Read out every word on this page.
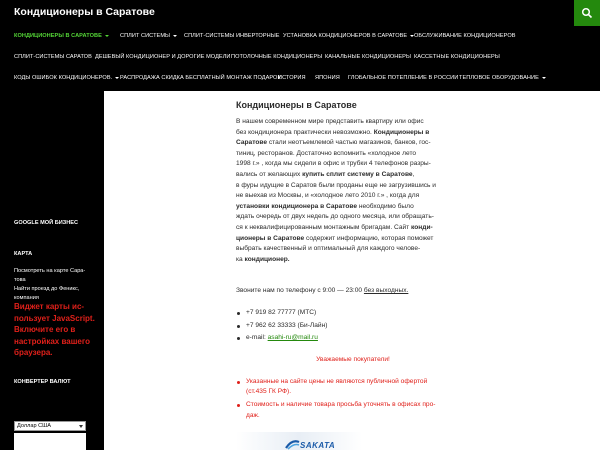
Кондиционеры в Саратове
КОНДИЦИОНЕРЫ В САРАТОВЕ	СПЛИТ СИСТЕМЫ	СПЛИТ-СИСТЕМЫ ИНВЕРТОРНЫЕ УСТАНОВКА КОНДИЦИОНЕРОВ В САРАТОВЕ	ОБСЛУЖИВАНИЕ КОНДИЦИОНЕРОВ
СПЛИТ-СИСТЕМЫ САРАТОВ ДЕШЕВЫЙ КОНДИЦИОНЕР И ДОРОГИЕ МОДЕЛИ ПОТОЛОЧНЫЕ КОНДИЦИОНЕРЫ КАНАЛЬНЫЕ КОНДИЦИОНЕРЫ КАССЕТНЫЕ КОНДИЦИОНЕРЫ
КОДЫ ОШИБОК КОНДИЦИОНЕРОВ.	РАСПРОДАЖА СКИДКА БЕСПЛАТНЫЙ МОНТАЖ ПОДАРОК
ИСТОРИЯ ЯПОНИЯ ГЛОБАЛЬНОЕ ПОТЕПЛЕНИЕ В РОССИИ ТЕПЛОВОЕ ОБОРУДОВАНИЕ
GOOGLE МОЙ БИЗНЕС
КАРТА
Посмотреть на карте Сара-това
Найти проезд до Феникс, компания
Виджет карты ис-пользует JavaScript. Включите его в настройках вашего браузера.
КОНВЕРТЕР ВАЛЮТ
Доллар США
Кондиционеры в Саратове
В нашем современном мире представить квартиру или офис
без кондиционера практически невозможно. Кондиционеры в
Саратове стали неотъемлемой частью магазинов, банков, гос-
тиниц, ресторанов. Достаточно вспомнить «холодное лето
1998 г.» , когда мы сидели в офис и трубки 4 телефонов разры-
вались от желающих купить сплит систему в Саратове,
в фуры идущие в Саратов были проданы еще не загрузившись и
не выехав из Москвы, и «холодное лето 2010 г.» , когда для
установки кондиционера в Саратове необходимо было
ждать очередь от двух недель до одного месяца, или обращать-
ся к неквалифицированным монтажным бригадам. Сайт конди-
ционеры в Саратове содержит информацию, которая поможет
выбрать качественный и оптимальный для каждого челове-
ка кондиционер.
Звоните нам по телефону с 9:00 — 23:00 без выходных.
+7 919 82 77777 (МТС)
+7 962 62 33333 (Би-Лайн)
e-mail: asahi-ru@mail.ru
Уважаемые покупатели!
Указанные на сайте цены не являются публичной офертой
(ст.435 ГК РФ).
Стоимость и наличие товара просьба уточнять в офисах про-
даж.
SAKATA
